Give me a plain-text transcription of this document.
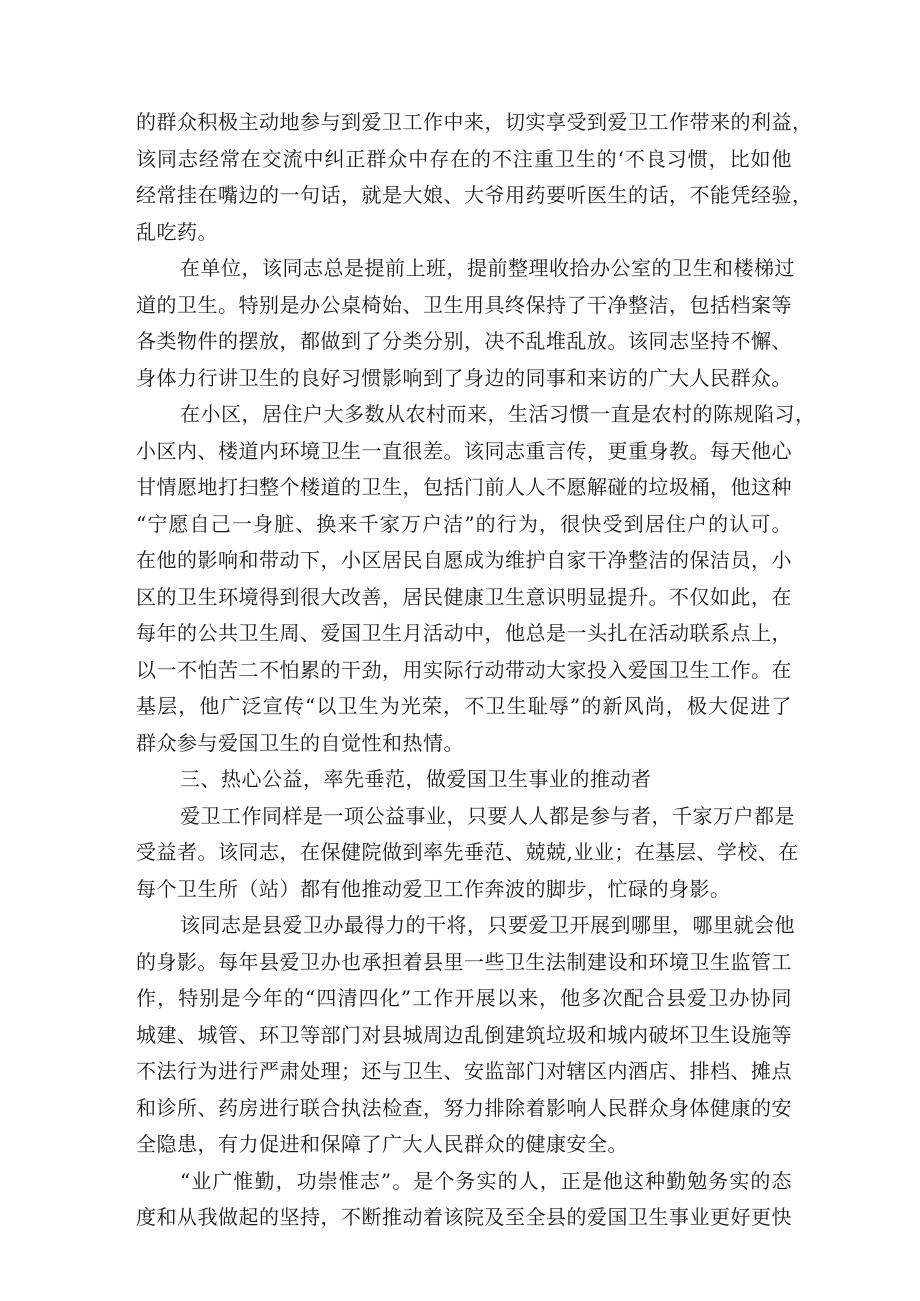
的群众积极主动地参与到爱卫工作中来，切实享受到爱卫工作带来的利益，
该同志经常在交流中纠正群众中存在的不注重卫生的‘不良习惯，比如他
经常挂在嘴边的一句话，就是大娘、大爷用药要听医生的话，不能凭经验，
乱吃药。
在单位，该同志总是提前上班，提前整理收拾办公室的卫生和楼梯过
道的卫生。特别是办公桌椅始、卫生用具终保持了干净整洁，包括档案等
各类物件的摆放，都做到了分类分别，决不乱堆乱放。该同志坚持不懈、
身体力行讲卫生的良好习惯影响到了身边的同事和来访的广大人民群众。
在小区，居住户大多数从农村而来，生活习惯一直是农村的陈规陷习，
小区内、楼道内环境卫生一直很差。该同志重言传，更重身教。每天他心
甘情愿地打扫整个楼道的卫生，包括门前人人不愿解碰的垃圾桶，他这种
“宁愿自己一身脏、换来千家万户洁”的行为，很快受到居住户的认可。
在他的影响和带动下，小区居民自愿成为维护自家干净整洁的保洁员，小
区的卫生环境得到很大改善，居民健康卫生意识明显提升。不仅如此，在
每年的公共卫生周、爱国卫生月活动中，他总是一头扎在活动联系点上，
以一不怕苦二不怕累的干劲，用实际行动带动大家投入爱国卫生工作。在
基层，他广泛宣传“以卫生为光荣，不卫生耻辱”的新风尚，极大促进了
群众参与爱国卫生的自觉性和热情。
三、热心公益，率先垂范，做爱国卫生事业的推动者
爱卫工作同样是一项公益事业，只要人人都是参与者，千家万户都是
受益者。该同志，在保健院做到率先垂范、兢兢,业业；在基层、学校、在
每个卫生所（站）都有他推动爱卫工作奔波的脚步，忙碌的身影。
该同志是县爱卫办最得力的干将，只要爱卫开展到哪里，哪里就会他
的身影。每年县爱卫办也承担着县里一些卫生法制建设和环境卫生监管工
作，特别是今年的“四清四化”工作开展以来，他多次配合县爱卫办协同
城建、城管、环卫等部门对县城周边乱倒建筑垃圾和城内破坏卫生设施等
不法行为进行严肃处理；还与卫生、安监部门对辖区内酒店、排档、摊点
和诊所、药房进行联合执法检查，努力排除着影响人民群众身体健康的安
全隐患，有力促进和保障了广大人民群众的健康安全。
“业广惟勤，功崇惟志”。是个务实的人，正是他这种勤勉务实的态
度和从我做起的坚持，不断推动着该院及至全县的爱国卫生事业更好更快
